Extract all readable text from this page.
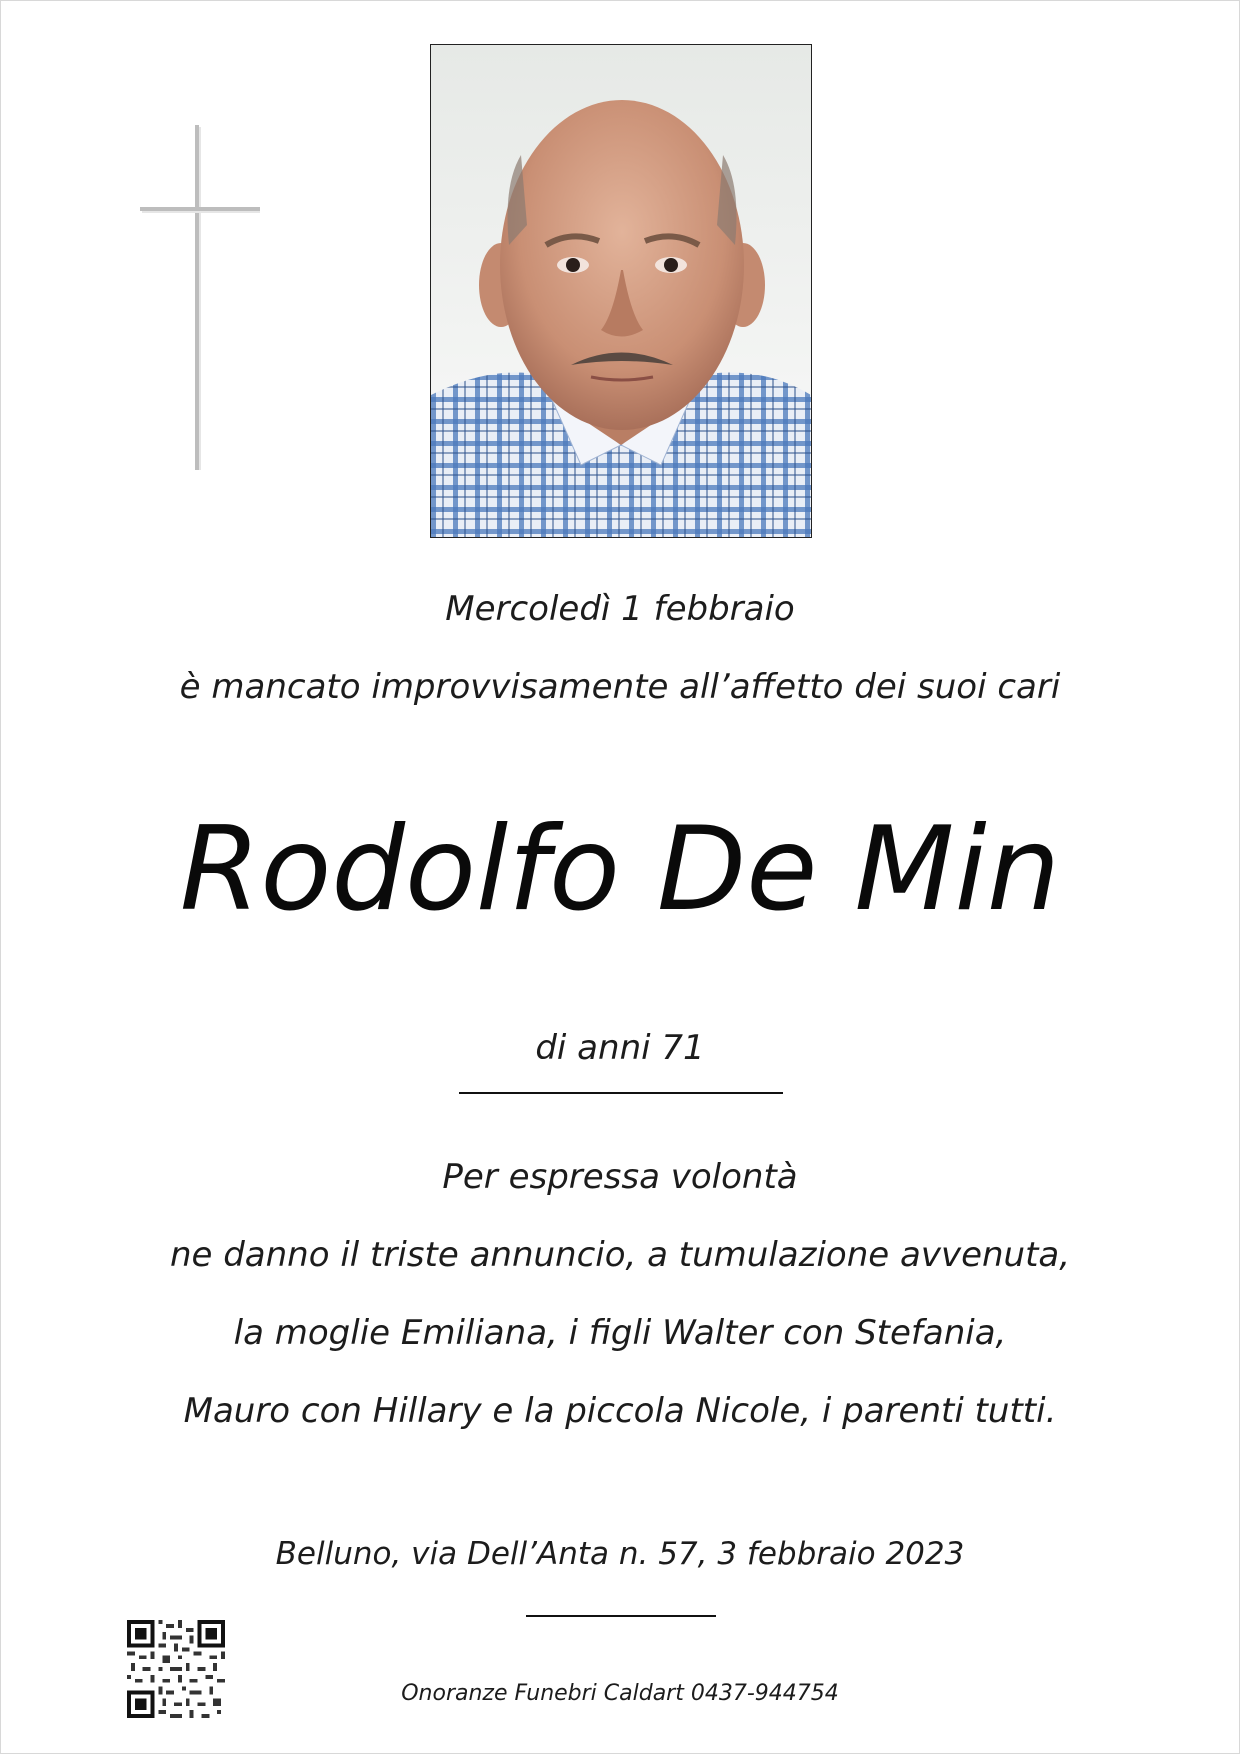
Mercoledì 1 febbraio
è mancato improvvisamente all’affetto dei suoi cari
Rodolfo De Min
di anni 71
Per espressa volontà
ne danno il triste annuncio, a tumulazione avvenuta,
la moglie Emiliana, i figli Walter con Stefania,
Mauro con Hillary e la piccola Nicole, i parenti tutti.
Belluno, via Dell’Anta n. 57, 3 febbraio 2023
Onoranze Funebri Caldart 0437-944754
